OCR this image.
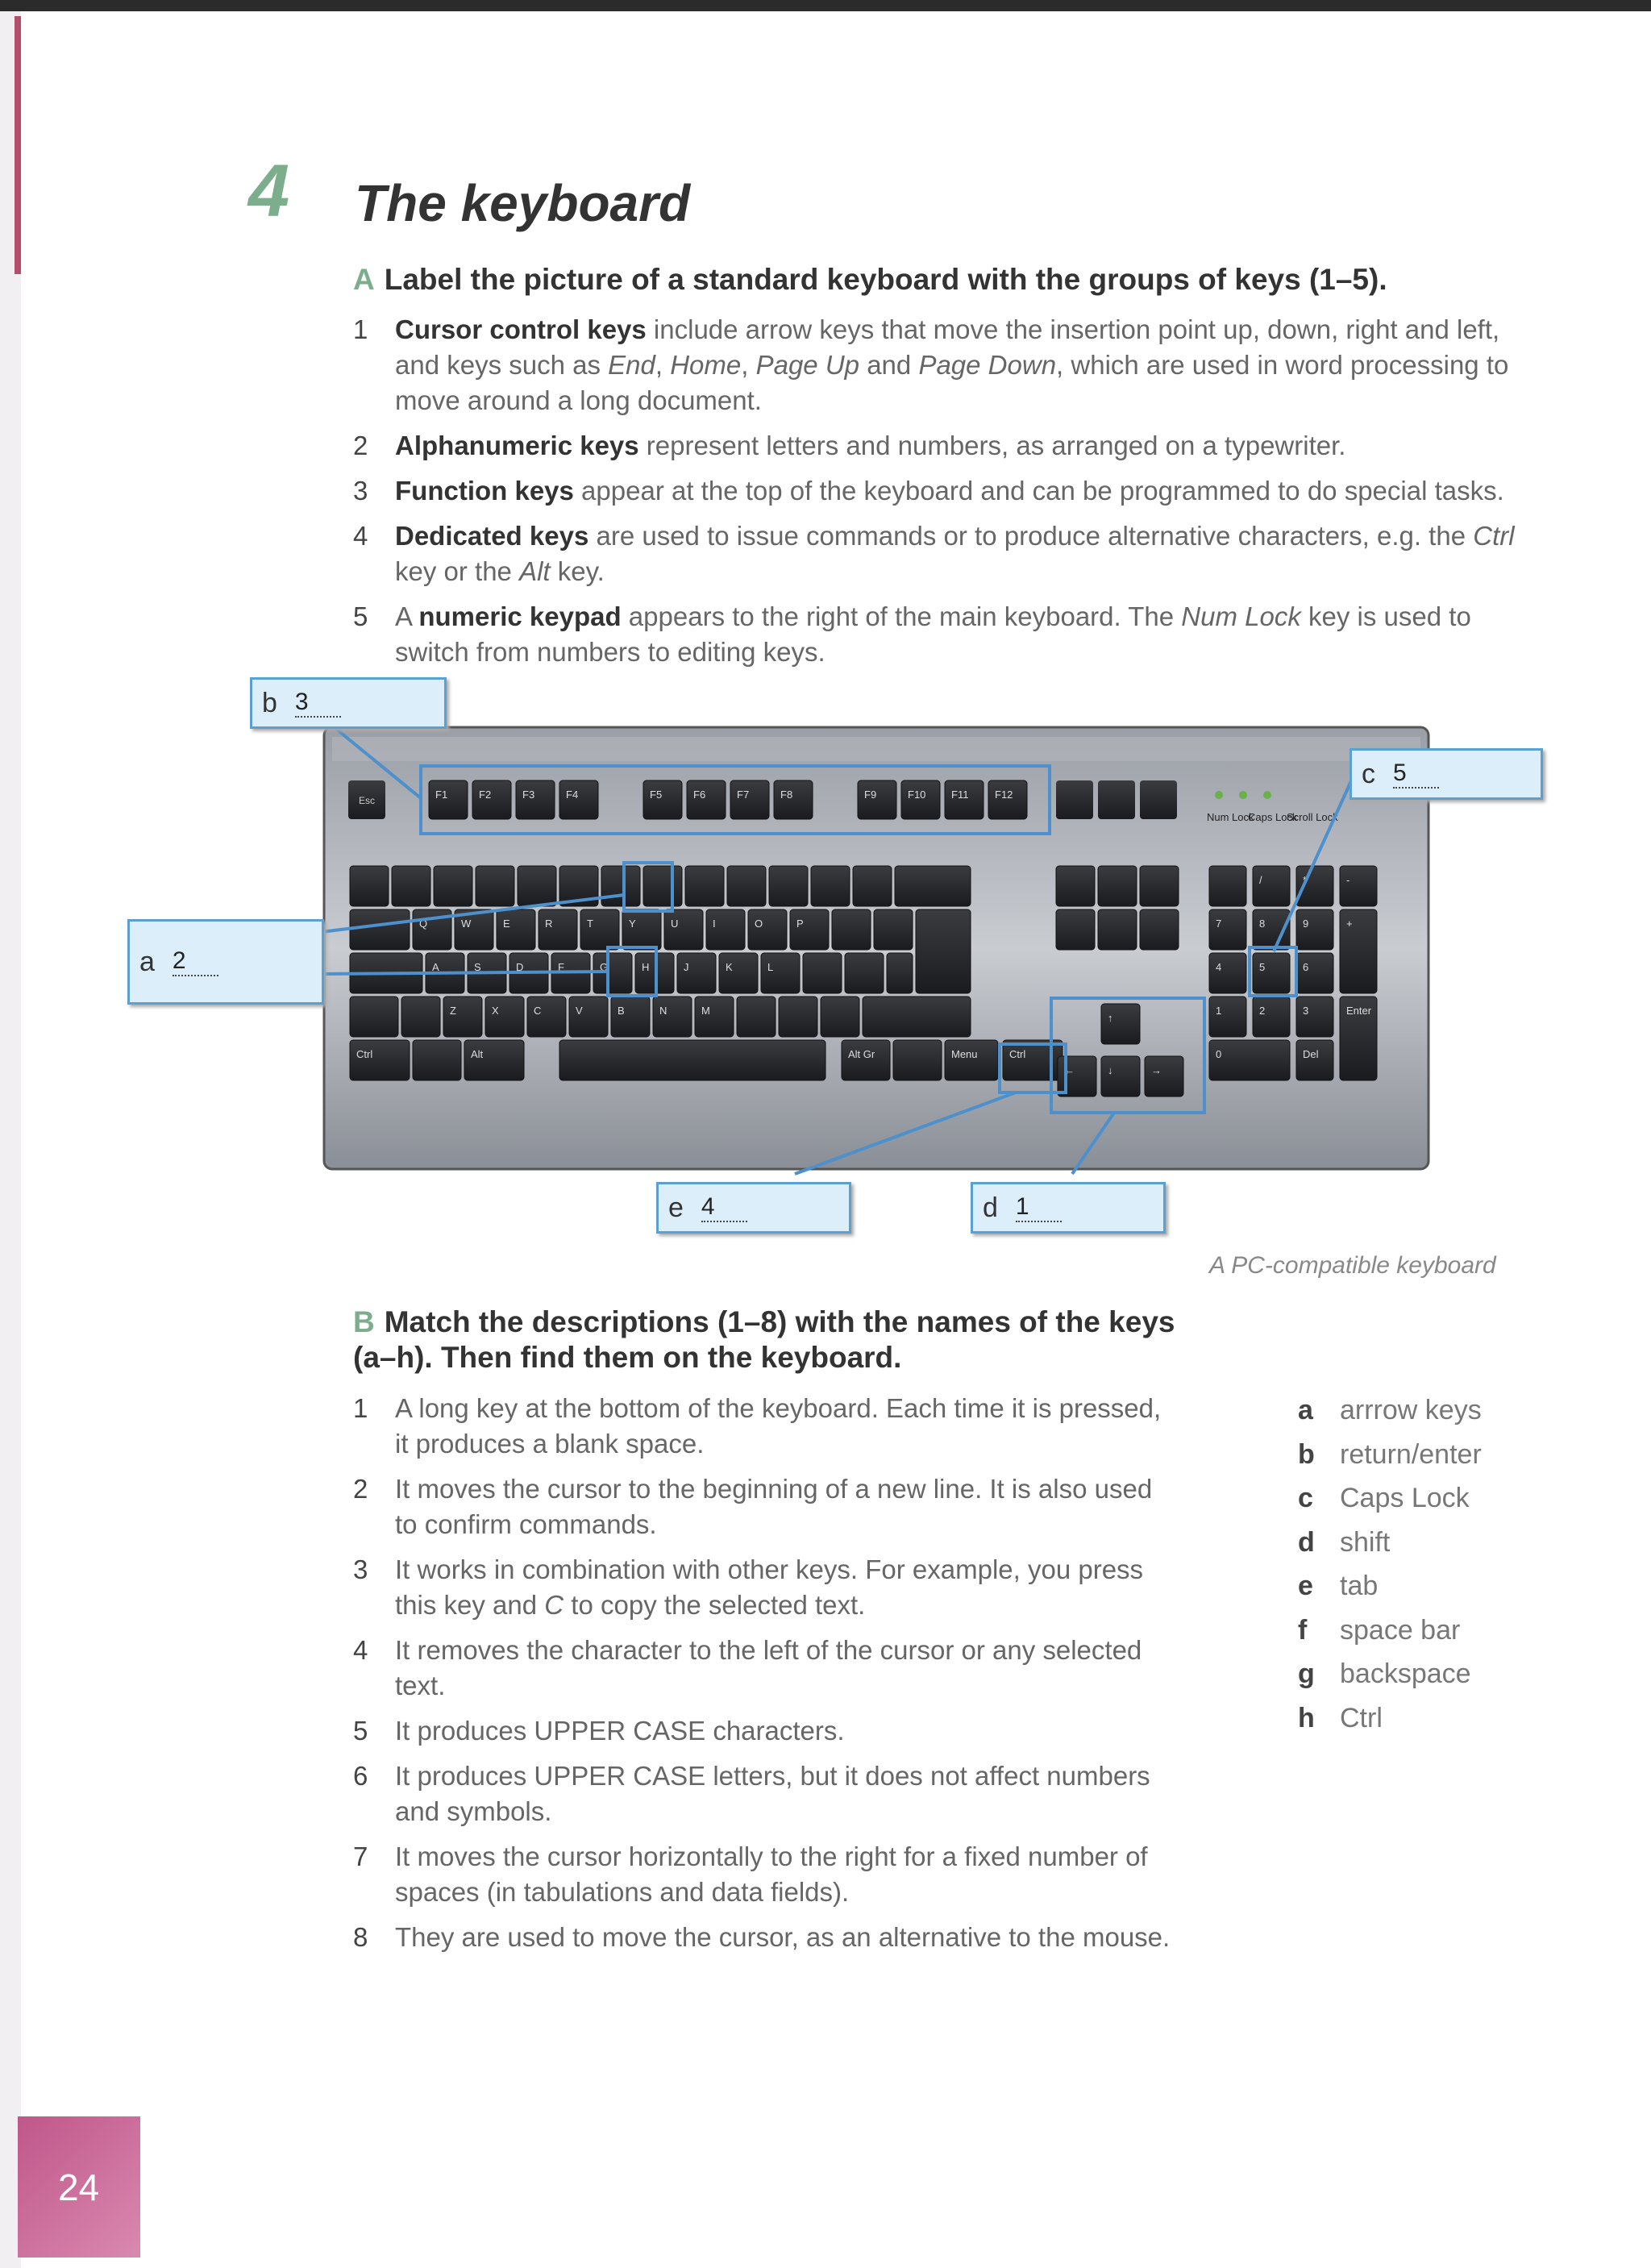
4 The keyboard

A Label the picture of a standard keyboard with the groups of keys (1–5).

1	Cursor control keys include arrow keys that move the insertion point up, down, right and left, and keys such as End, Home, Page Up and Page Down, which are used in word processing to move around a long document.
2	Alphanumeric keys represent letters and numbers, as arranged on a typewriter.
3	Function keys appear at the top of the keyboard and can be programmed to do special tasks.
4	Dedicated keys are used to issue commands or to produce alternative characters, e.g. the Ctrl key or the Alt key.
5	A numeric keypad appears to the right of the main keyboard. The Num Lock key is used to switch from numbers to editing keys.
Esc	F1	F2	F3	F4	F5	F6	F7	F8	F9	F10 F11	F12
Num Lock
Caps Lock
Scroll Lock
Q	W	E	R	T	Y	U	I	O	P
A	S	D	F	G	H	J	K	L
Z	X	C	V	B	N	M
Ctrl	Alt	Alt Gr	Menu	Ctrl
↑
←	↓	→
/	*	-
7	8	9
4	5	6
1	2	3
+
0	Del
Enter
b 3
c 5
a 2
e 4	d 1
A PC-compatible keyboard

B Match the descriptions (1–8) with the names of the keys (a–h). Then find them on the keyboard.

1	A long key at the bottom of the keyboard. Each time it is pressed, it produces a blank space.
2	It moves the cursor to the beginning of a new line. It is also used to confirm commands.
3	It works in combination with other keys. For example, you press this key and C to copy the selected text.
4	It removes the character to the left of the cursor or any selected text.
5	It produces UPPER CASE characters.
6	It produces UPPER CASE letters, but it does not affect numbers and symbols.
7	It moves the cursor horizontally to the right for a fixed number of spaces (in tabulations and data fields).
8	They are used to move the cursor, as an alternative to the mouse.
a arrrow keys
b return/enter
c Caps Lock
d shift
e tab
f	space bar
g backspace
h Ctrl
24
